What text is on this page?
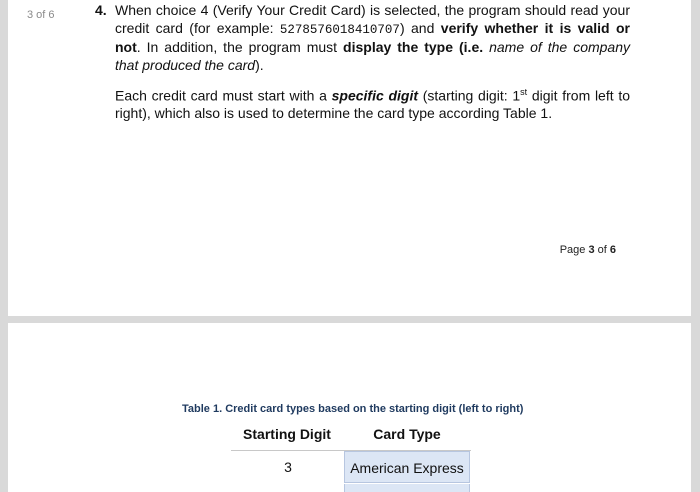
3 of 6	4. When choice 4 (Verify Your Credit Card) is selected, the program should read your credit card (for example: 5278576018410707) and verify whether it is valid or not. In addition, the program must display the type (i.e. name of the company that produced the card).

Each credit card must start with a specific digit (starting digit: 1st digit from left to right), which also is used to determine the card type according Table 1.

Page 3 of 6
Table 1. Credit card types based on the starting digit (left to right)
Starting Digit	Card Type
3	American Express
